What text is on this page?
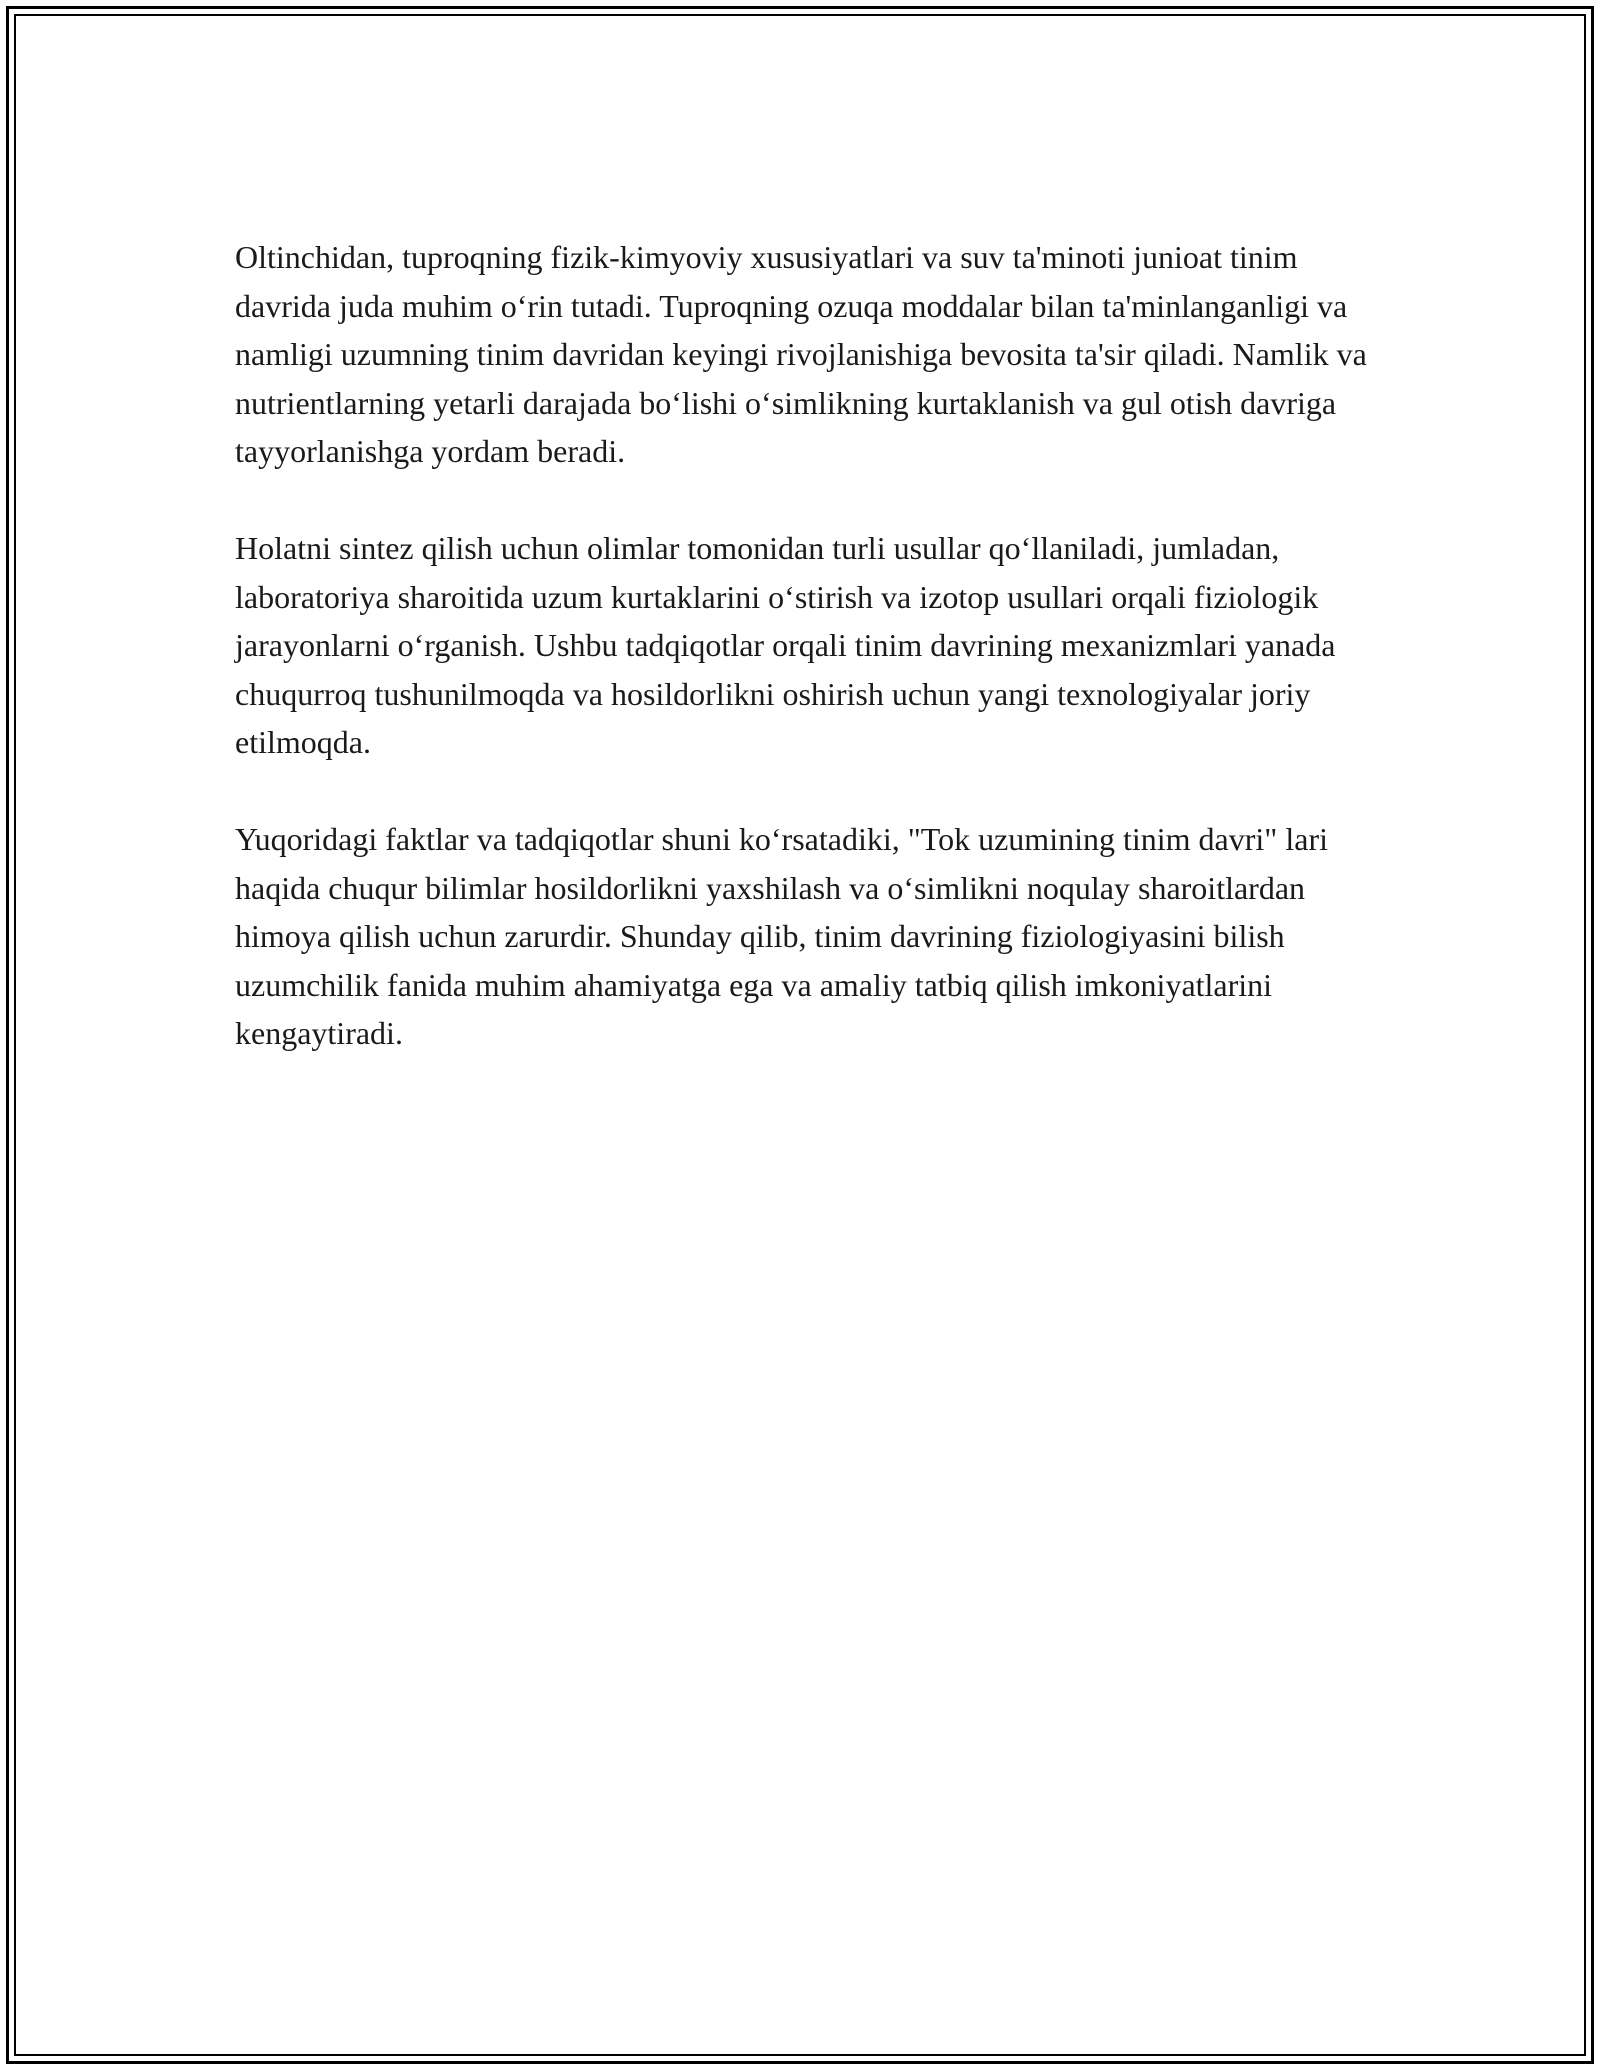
Oltinchidan, tuproqning fizik-kimyoviy xususiyatlari va suv ta'minoti junioat tinim davrida juda muhim o‘rin tutadi. Tuproqning ozuqa moddalar bilan ta'minlanganligi va namligi uzumning tinim davridan keyingi rivojlanishiga bevosita ta'sir qiladi. Namlik va nutrientlarning yetarli darajada bo‘lishi o‘simlikning kurtaklanish va gul otish davriga tayyorlanishga yordam beradi.

Holatni sintez qilish uchun olimlar tomonidan turli usullar qo‘llaniladi, jumladan, laboratoriya sharoitida uzum kurtaklarini o‘stirish va izotop usullari orqali fiziologik jarayonlarni o‘rganish. Ushbu tadqiqotlar orqali tinim davrining mexanizmlari yanada chuqurroq tushunilmoqda va hosildorlikni oshirish uchun yangi texnologiyalar joriy etilmoqda.

Yuqoridagi faktlar va tadqiqotlar shuni ko‘rsatadiki, "Tok uzumining tinim davri" lari haqida chuqur bilimlar hosildorlikni yaxshilash va o‘simlikni noqulay sharoitlardan himoya qilish uchun zarurdir. Shunday qilib, tinim davrining fiziologiyasini bilish uzumchilik fanida muhim ahamiyatga ega va amaliy tatbiq qilish imkoniyatlarini kengaytiradi.
